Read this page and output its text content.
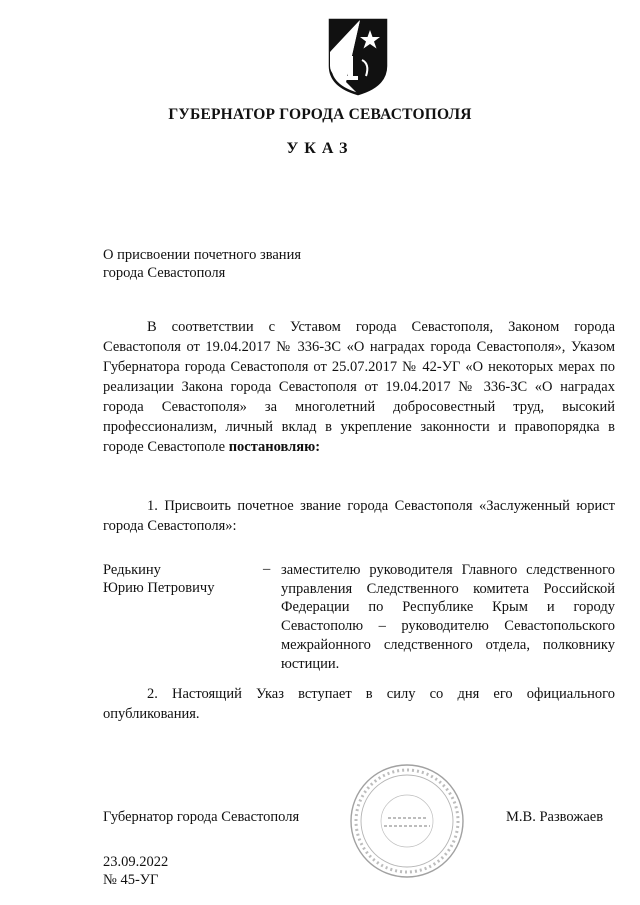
ГУБЕРНАТОР ГОРОДА СЕВАСТОПОЛЯ
УКАЗ
О присвоении почетного звания
города Севастополя

В соответствии с Уставом города Севастополя, Законом города Севастополя от 19.04.2017 № 336-ЗС «О наградах города Севастополя», Указом Губернатора города Севастополя от 25.07.2017 № 42-УГ «О некоторых мерах по реализации Закона города Севастополя от 19.04.2017 № 336-ЗС «О наградах города Севастополя» за многолетний добросовестный труд, высокий профессионализм, личный вклад в укрепление законности и правопорядка в городе Севастополе постановляю:

1. Присвоить почетное звание города Севастополя «Заслуженный юрист города Севастополя»:
Редькину
Юрию Петровичу
– заместителю руководителя Главного следственного управления Следственного комитета Российской Федерации по Республике Крым и городу Севастополю – руководителю Севастопольского межрайонного следственного отдела, полковнику юстиции.
2. Настоящий Указ вступает в силу со дня его официального опубликования.
Губернатор города Севастополя	М.В. Развожаев
23.09.2022
№ 45-УГ
